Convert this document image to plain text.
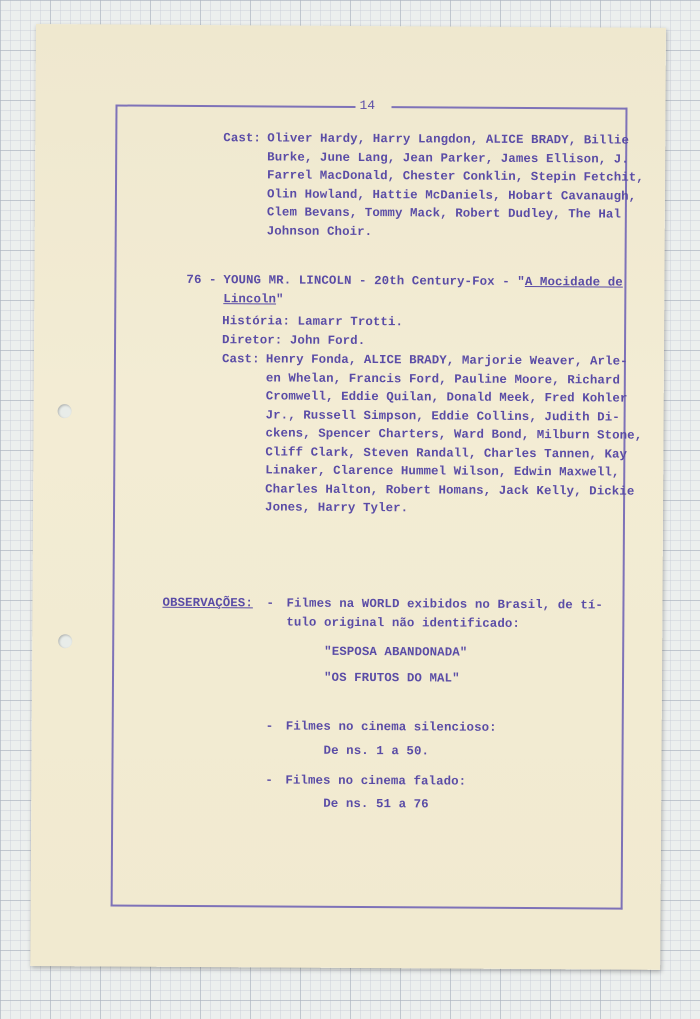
14
Cast: Oliver Hardy, Harry Langdon, ALICE BRADY, Billie
Burke, June Lang, Jean Parker, James Ellison, J.
Farrel MacDonald, Chester Conklin, Stepin Fetchit,
Olin Howland, Hattie McDaniels, Hobart Cavanaugh,
Clem Bevans, Tommy Mack, Robert Dudley, The Hal
Johnson Choir.
76 - YOUNG MR. LINCOLN - 20th Century-Fox - "A Mocidade de
Lincoln"
História: Lamarr Trotti.
Diretor: John Ford.
Cast: Henry Fonda, ALICE BRADY, Marjorie Weaver, Arle-
en Whelan, Francis Ford, Pauline Moore, Richard
Cromwell, Eddie Quilan, Donald Meek, Fred Kohler
Jr., Russell Simpson, Eddie Collins, Judith Di-
ckens, Spencer Charters, Ward Bond, Milburn Stone,
Cliff Clark, Steven Randall, Charles Tannen, Kay
Linaker, Clarence Hummel Wilson, Edwin Maxwell,
Charles Halton, Robert Homans, Jack Kelly, Dickie
Jones, Harry Tyler.
OBSERVAÇÕES: - Filmes na WORLD exibidos no Brasil, de tí-
tulo original não identificado:
"ESPOSA ABANDONADA"
"OS FRUTOS DO MAL"
- Filmes no cinema silencioso:
De ns. 1 a 50.
- Filmes no cinema falado:
De ns. 51 a 76
